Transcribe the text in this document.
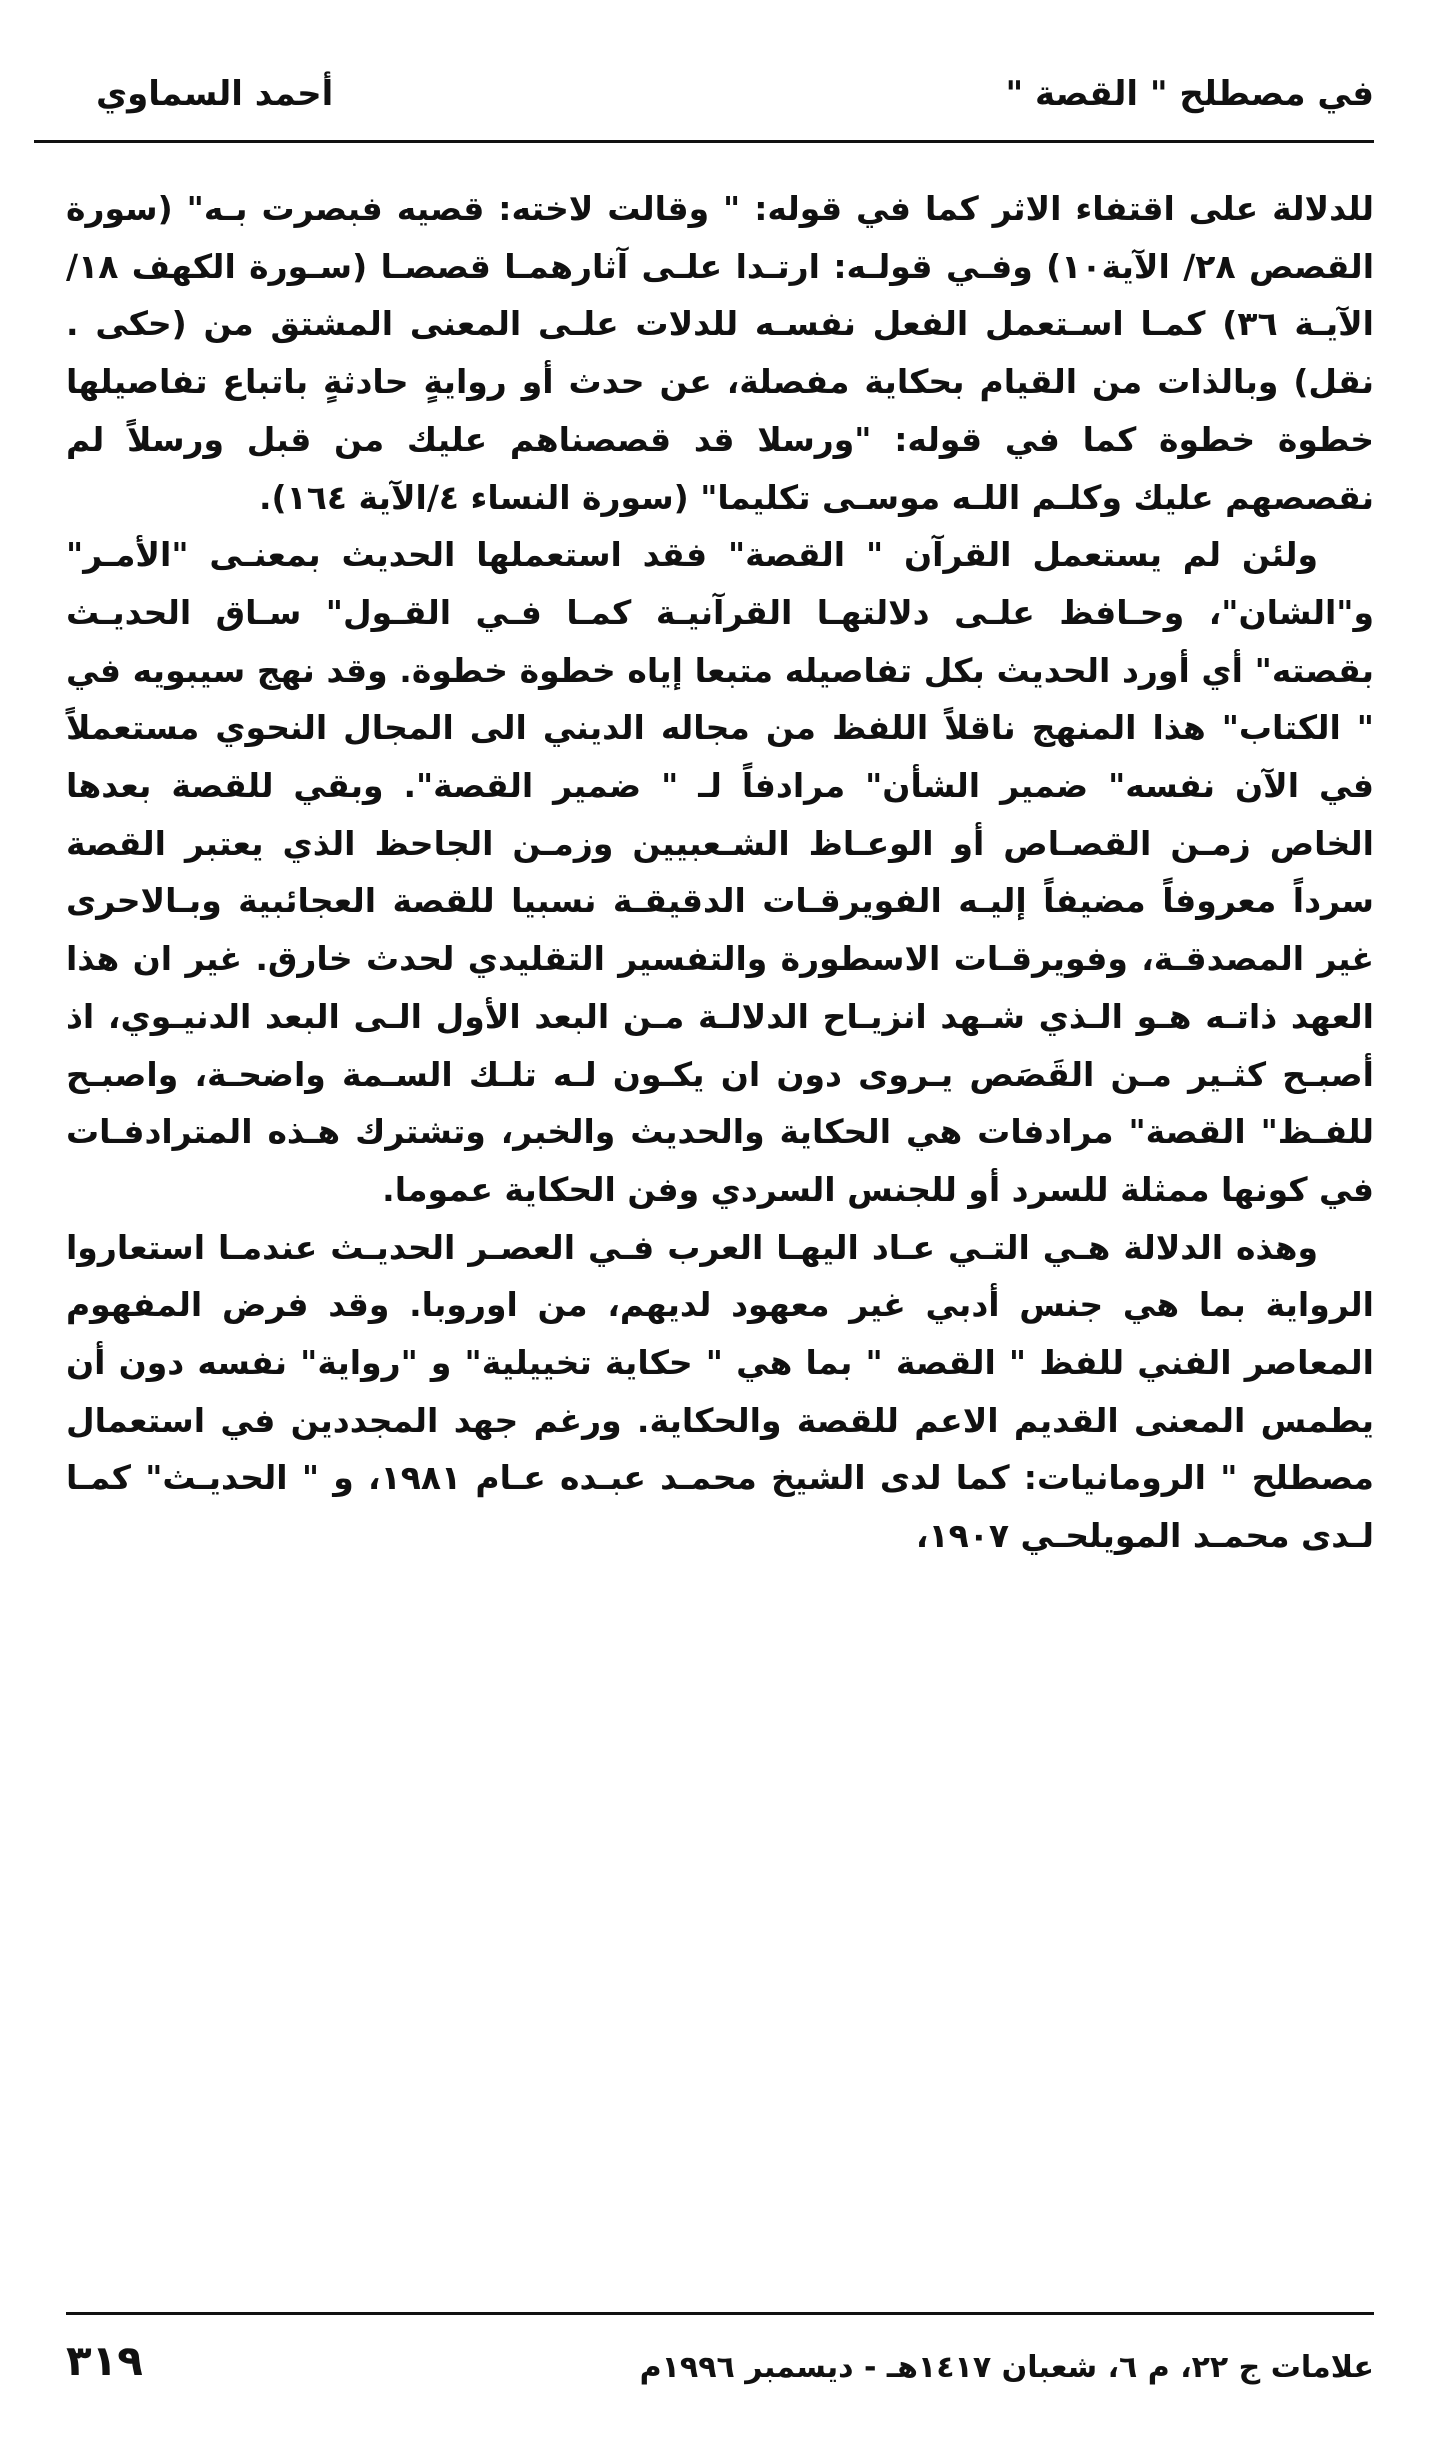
في مصطلح " القصة "
أحمد السماوي

للدلالة على اقتفاء الاثر كما في قوله: " وقالت لاخته: قصيه فبصرت بـه" (سورة القصص ٢٨/ الآية١٠) وفـي قولـه: ارتـدا علـى آثارهمـا قصصـا (سـورة الكهف ١٨/ الآيـة ٣٦) كمـا اسـتعمل الفعل نفسـه للدلات علـى المعنى المشتق من (حكى . نقل) وبالذات من القيام بحكاية مفصلة، عن حدث أو روايةٍ حادثةٍ باتباع تفاصيلها خطوة خطوة كما في قوله: "ورسلا قد قصصناهم عليك من قبل ورسلاً لم نقصصهم عليك وكلـم اللـه موسـى تكليما" (سورة النساء ٤/الآية ١٦٤).

ولئن لم يستعمل القرآن " القصة" فقد استعملها الحديث بمعنـى "الأمـر" و"الشان"، وحـافظ علـى دلالتهـا القرآنيـة كمـا فـي القـول" سـاق الحديـث بقصته" أي أورد الحديث بكل تفاصيله متبعا إياه خطوة خطوة. وقد نهج سيبويه في " الكتاب" هذا المنهج ناقلاً اللفظ من مجاله الديني الى المجال النحوي مستعملاً في الآن نفسه" ضمير الشأن" مرادفاً لـ " ضمير القصة". وبقي للقصة بعدها الخاص زمـن القصـاص أو الوعـاظ الشـعبيين وزمـن الجاحظ الذي يعتبر القصة سرداً معروفاً مضيفاً إليـه الفويرقـات الدقيقـة نسبيا للقصة العجائبية وبـالاحرى غير المصدقـة، وفويرقـات الاسطورة والتفسير التقليدي لحدث خارق. غير ان هذا العهد ذاتـه هـو الـذي شـهد انزيـاح الدلالـة مـن البعد الأول الـى البعد الدنيـوي، اذ أصبـح كثـير مـن القَصَص يـروى دون ان يكـون لـه تلـك السـمة واضحـة، واصبـح للفـظ" القصة" مرادفات هي الحكاية والحديث والخبر، وتشترك هـذه المترادفـات في كونها ممثلة للسرد أو للجنس السردي وفن الحكاية عموما.

وهذه الدلالة هـي التـي عـاد اليهـا العرب فـي العصـر الحديـث عندمـا استعاروا الرواية بما هي جنس أدبي غير معهود لديهم، من اوروبا. وقد فرض المفهوم المعاصر الفني للفظ " القصة " بما هي " حكاية تخييلية" و "رواية" نفسه دون أن يطمس المعنى القديم الاعم للقصة والحكاية. ورغم جهد المجددين في استعمال مصطلح " الرومانيات: كما لدى الشيخ محمـد عبـده عـام ١٩٨١، و " الحديـث" كمـا لـدى محمـد المويلحـي ١٩٠٧،

علامات ج ٢٢، م ٦، شعبان ١٤١٧هـ - ديسمبر ١٩٩٦م
٣١٩
